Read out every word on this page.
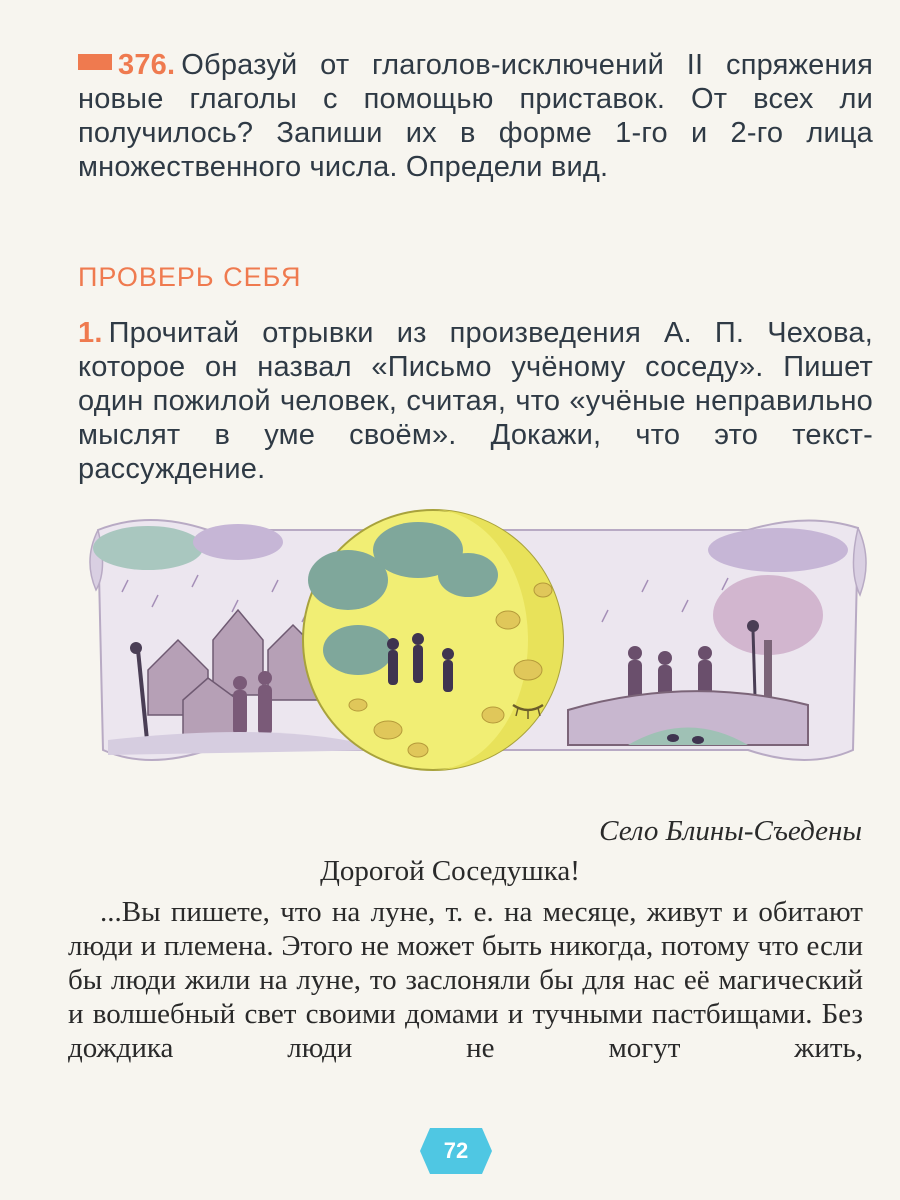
376. Образуй от глаголов-исключений II спряжения новые глаголы с помощью приставок. От всех ли получилось? Запиши их в форме 1-го и 2-го лица множественного числа. Определи вид.
ПРОВЕРЬ СЕБЯ
1. Прочитай отрывки из произведения А. П. Чехова, которое он назвал «Письмо учёному соседу». Пишет один пожилой человек, считая, что «учёные неправильно мыслят в уме своём». Докажи, что это текст-рассуждение.
Село Блины-Съедены
Дорогой Соседушка!
...Вы пишете, что на луне, т. е. на месяце, живут и обитают люди и племена. Этого не может быть никогда, потому что если бы люди жили на луне, то заслоняли бы для нас её магический и волшебный свет своими домами и тучными пастбищами. Без дождика люди не могут жить,
72
